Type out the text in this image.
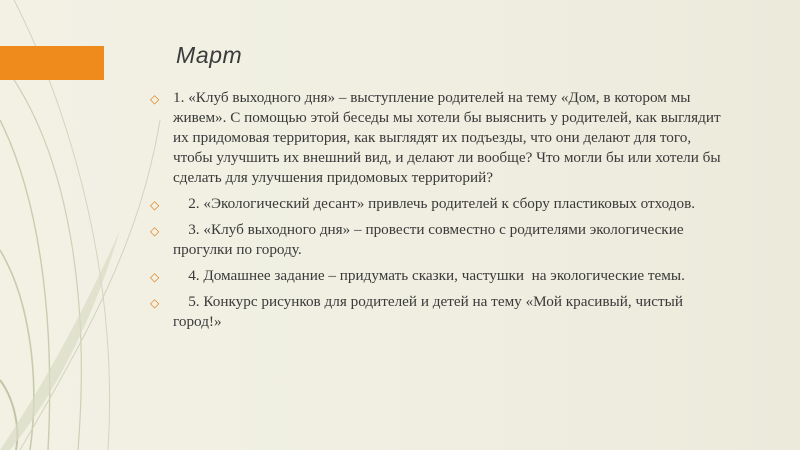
Март
◇ 1. «Клуб выходного дня» – выступление родителей на тему «Дом, в котором мы живем». С помощью этой беседы мы хотели бы выяснить у родителей, как выглядит их придомовая территория, как выглядят их подъезды, что они делают для того, чтобы улучшить их внешний вид, и делают ли вообще? Что могли бы или хотели бы сделать для улучшения придомовых территорий?
◇ 2. «Экологический десант» привлечь родителей к сбору пластиковых отходов.
◇ 3. «Клуб выходного дня» – провести совместно с родителями экологические прогулки по городу.
◇ 4. Домашнее задание – придумать сказки, частушки  на экологические темы.
◇ 5. Конкурс рисунков для родителей и детей на тему «Мой красивый, чистый город!»
